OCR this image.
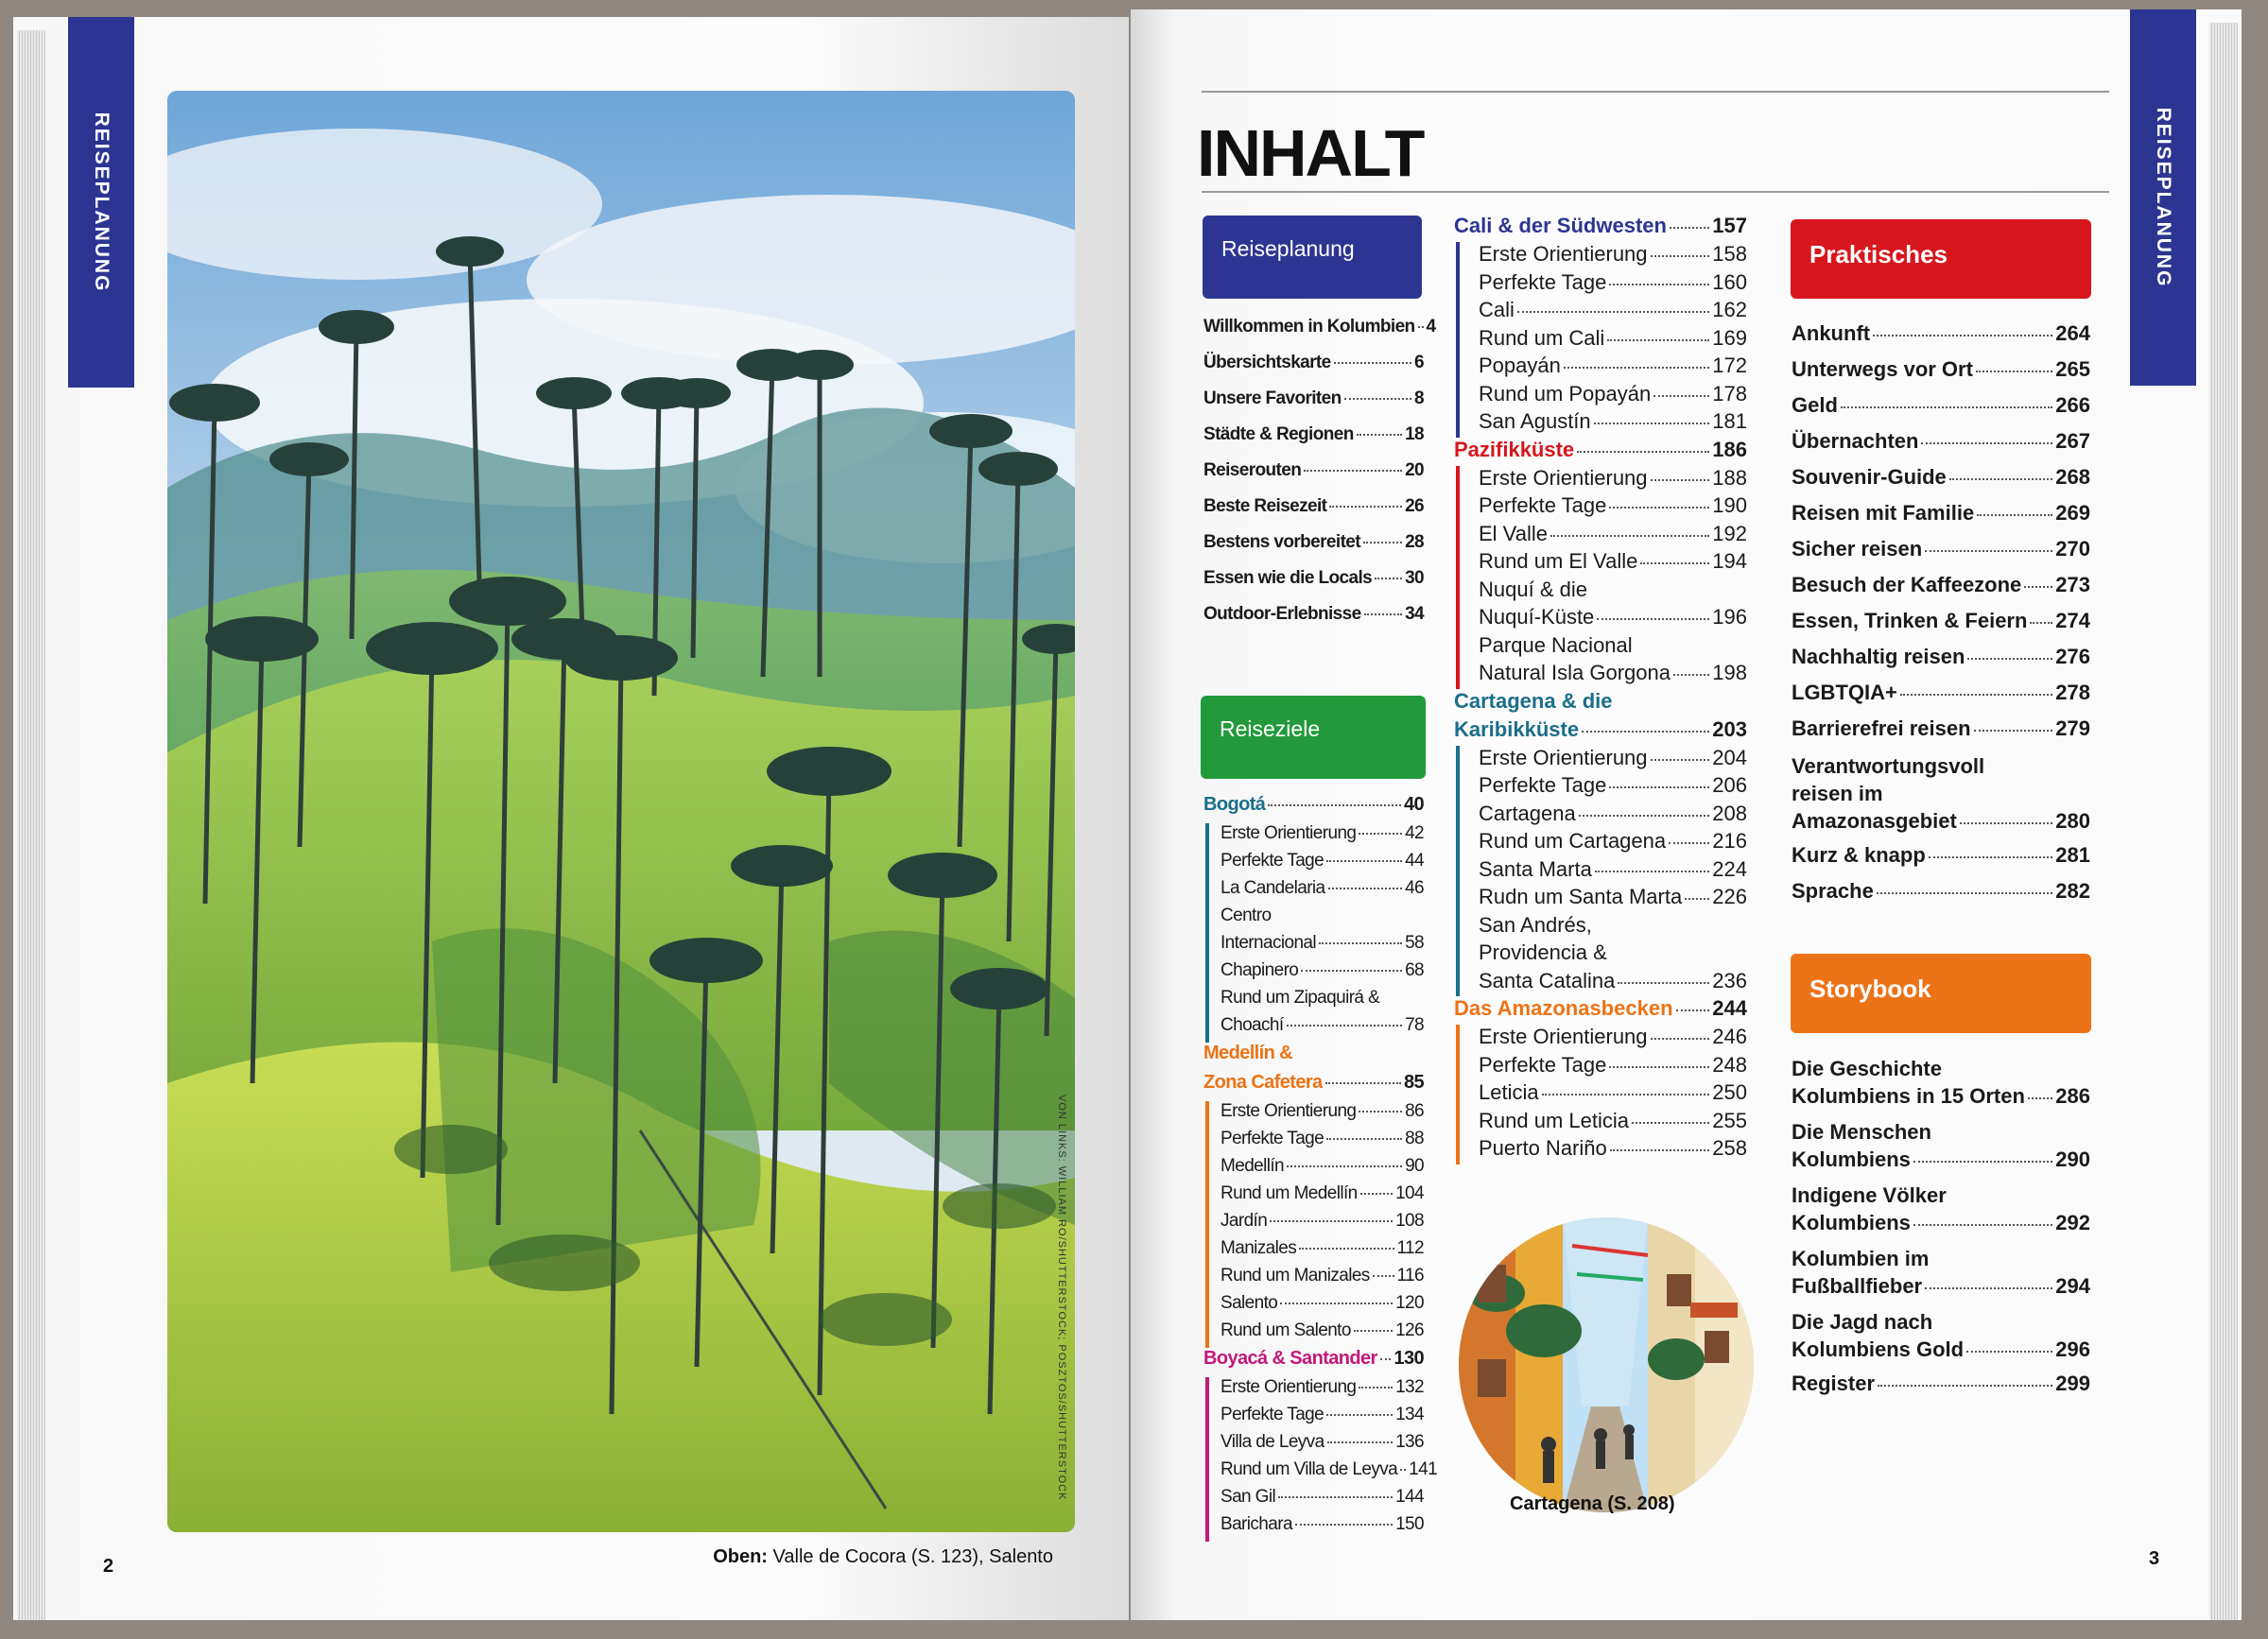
REISEPLANUNG
VON LINKS: WILLIAM RO/SHUTTERSTOCK; POSZTOS/SHUTTERSTOCK
Oben: Valle de Cocora (S. 123), Salento
2
REISEPLANUNG
INHALT
Reiseplanung
Willkommen in Kolumbien 4
Übersichtskarte	6
Unsere Favoriten	8
Städte & Regionen	18
Reiserouten	20
Beste Reisezeit	26
Bestens vorbereitet 28
Essen wie die Locals 30
Outdoor-Erlebnisse 34
Reiseziele
Bogotá	40
Erste Orientierung	42
Perfekte Tage	44
La Candelaria	46
Centro
Internacional	58
Chapinero	68
Rund um Zipaquirá &
Choachí	78
Medellín &
Zona Cafetera	85
Erste Orientierung	86
Perfekte Tage	88
Medellín	90
Rund um Medellín 104
Jardín	108
Manizales	112
Rund um Manizales 116
Salento	120
Rund um Salento 126
Boyacá & Santander 130
Erste Orientierung 132
Perfekte Tage	134
Villa de Leyva	136
Rund um Villa de Leyva 141
San Gil	144
Barichara	150
Cali & der Südwesten 157
Erste Orientierung	158
Perfekte Tage	160
Cali	162
Rund um Cali	169
Popayán	172
Rund um Popayán	178
San Agustín	181
Pazifikküste	186
Erste Orientierung	188
Perfekte Tage	190
El Valle	192
Rund um El Valle	194
Nuquí & die
Nuquí-Küste	196
Parque Nacional
Natural Isla Gorgona 198
Cartagena & die
Karibikküste	203
Erste Orientierung	204
Perfekte Tage	206
Cartagena	208
Rund um Cartagena 216
Santa Marta	224
Rudn um Santa Marta 226
San Andrés,
Providencia &
Santa Catalina	236
Das Amazonasbecken 244
Erste Orientierung	246
Perfekte Tage	248
Leticia	250
Rund um Leticia	255
Puerto Nariño	258
Praktisches
Ankunft	264
Unterwegs vor Ort	265
Geld	266
Übernachten	267
Souvenir-Guide	268
Reisen mit Familie	269
Sicher reisen	270
Besuch der Kaffeezone 273
Essen, Trinken & Feiern 274
Nachhaltig reisen	276
LGBTQIA+	278
Barrierefrei reisen	279
Verantwortungsvoll
reisen im
Amazonasgebiet	280
Kurz & knapp	281
Sprache	282
Storybook
Die Geschichte
Kolumbiens in 15 Orten 286
Die Menschen
Kolumbiens	290
Indigene Völker
Kolumbiens	292
Kolumbien im
Fußballfieber	294
Die Jagd nach
Kolumbiens Gold	296
Register	299
3
Cartagena (S. 208)
